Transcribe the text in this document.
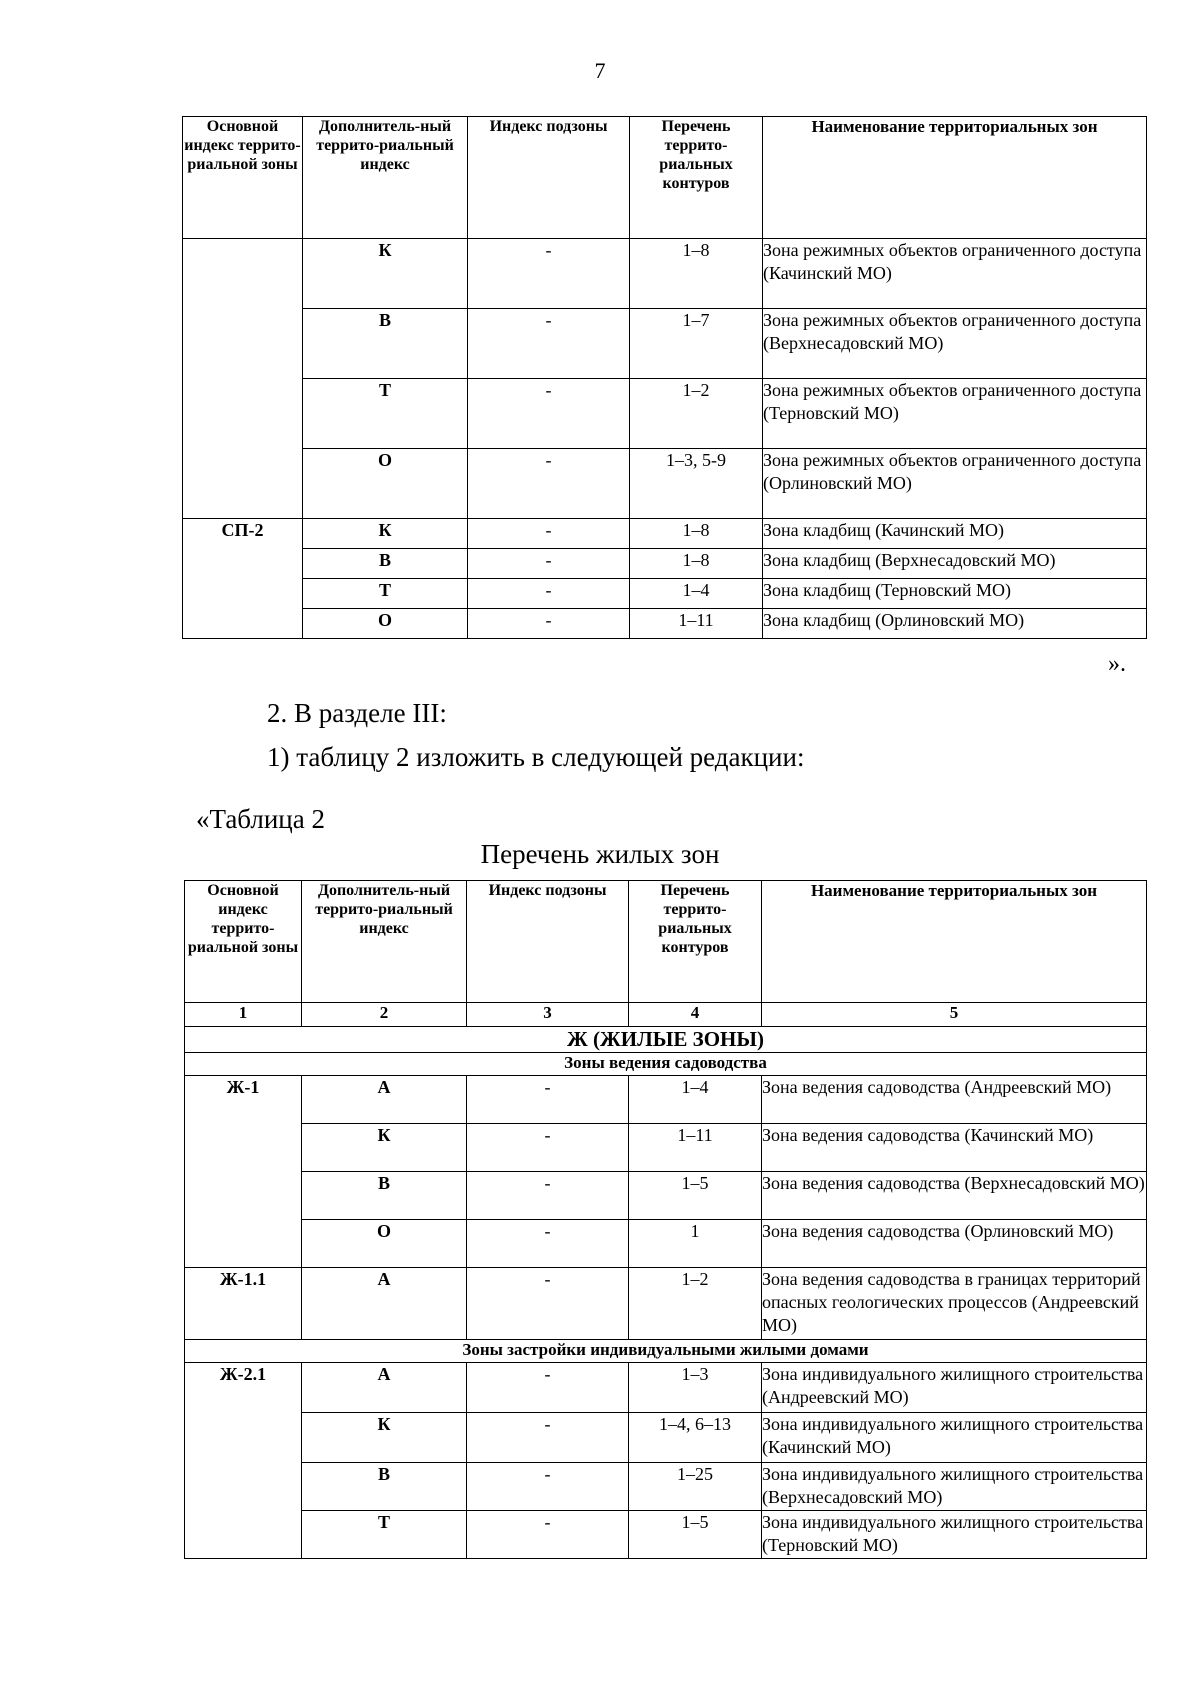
7
Основной индекс террито-риальной зоны	Дополнитель-ный террито-риальный индекс	Индекс подзоны	Перечень террито-риальных контуров	Наименование территориальных зон
	К	-	1–8	Зона режимных объектов ограниченного доступа (Качинский МО)
	В	-	1–7	Зона режимных объектов ограниченного доступа (Верхнесадовский МО)
	Т	-	1–2	Зона режимных объектов ограниченного доступа (Терновский МО)
	О	-	1–3, 5-9	Зона режимных объектов ограниченного доступа (Орлиновский МО)
СП-2	К	-	1–8	Зона кладбищ (Качинский МО)
	В	-	1–8	Зона кладбищ (Верхнесадовский МО)
	Т	-	1–4	Зона кладбищ (Терновский МО)
	О	-	1–11	Зона кладбищ (Орлиновский МО)
».
2. В разделе III:
1) таблицу 2 изложить в следующей редакции:
«Таблица 2
Перечень жилых зон
Основной индекс террито-риальной зоны	Дополнитель-ный террито-риальный индекс	Индекс подзоны	Перечень террито-риальных контуров	Наименование территориальных зон
1	2	3	4	5
Ж (ЖИЛЫЕ ЗОНЫ)				
Зоны ведения садоводства				
Ж-1	А	-	1–4	Зона ведения садоводства (Андреевский МО)
	К	-	1–11	Зона ведения садоводства (Качинский МО)
	В	-	1–5	Зона ведения садоводства (Верхнесадовский МО)
	О	-	1	Зона ведения садоводства (Орлиновский МО)
Ж-1.1	А	-	1–2	Зона ведения садоводства в границах территорий опасных геологических процессов (Андреевский МО)
Зоны застройки индивидуальными жилыми домами				
Ж-2.1	А	-	1–3	Зона индивидуального жилищного строительства (Андреевский МО)
	К	-	1–4, 6–13	Зона индивидуального жилищного строительства (Качинский МО)
	В	-	1–25	Зона индивидуального жилищного строительства (Верхнесадовский МО)
	Т	-	1–5	Зона индивидуального жилищного строительства (Терновский МО)
